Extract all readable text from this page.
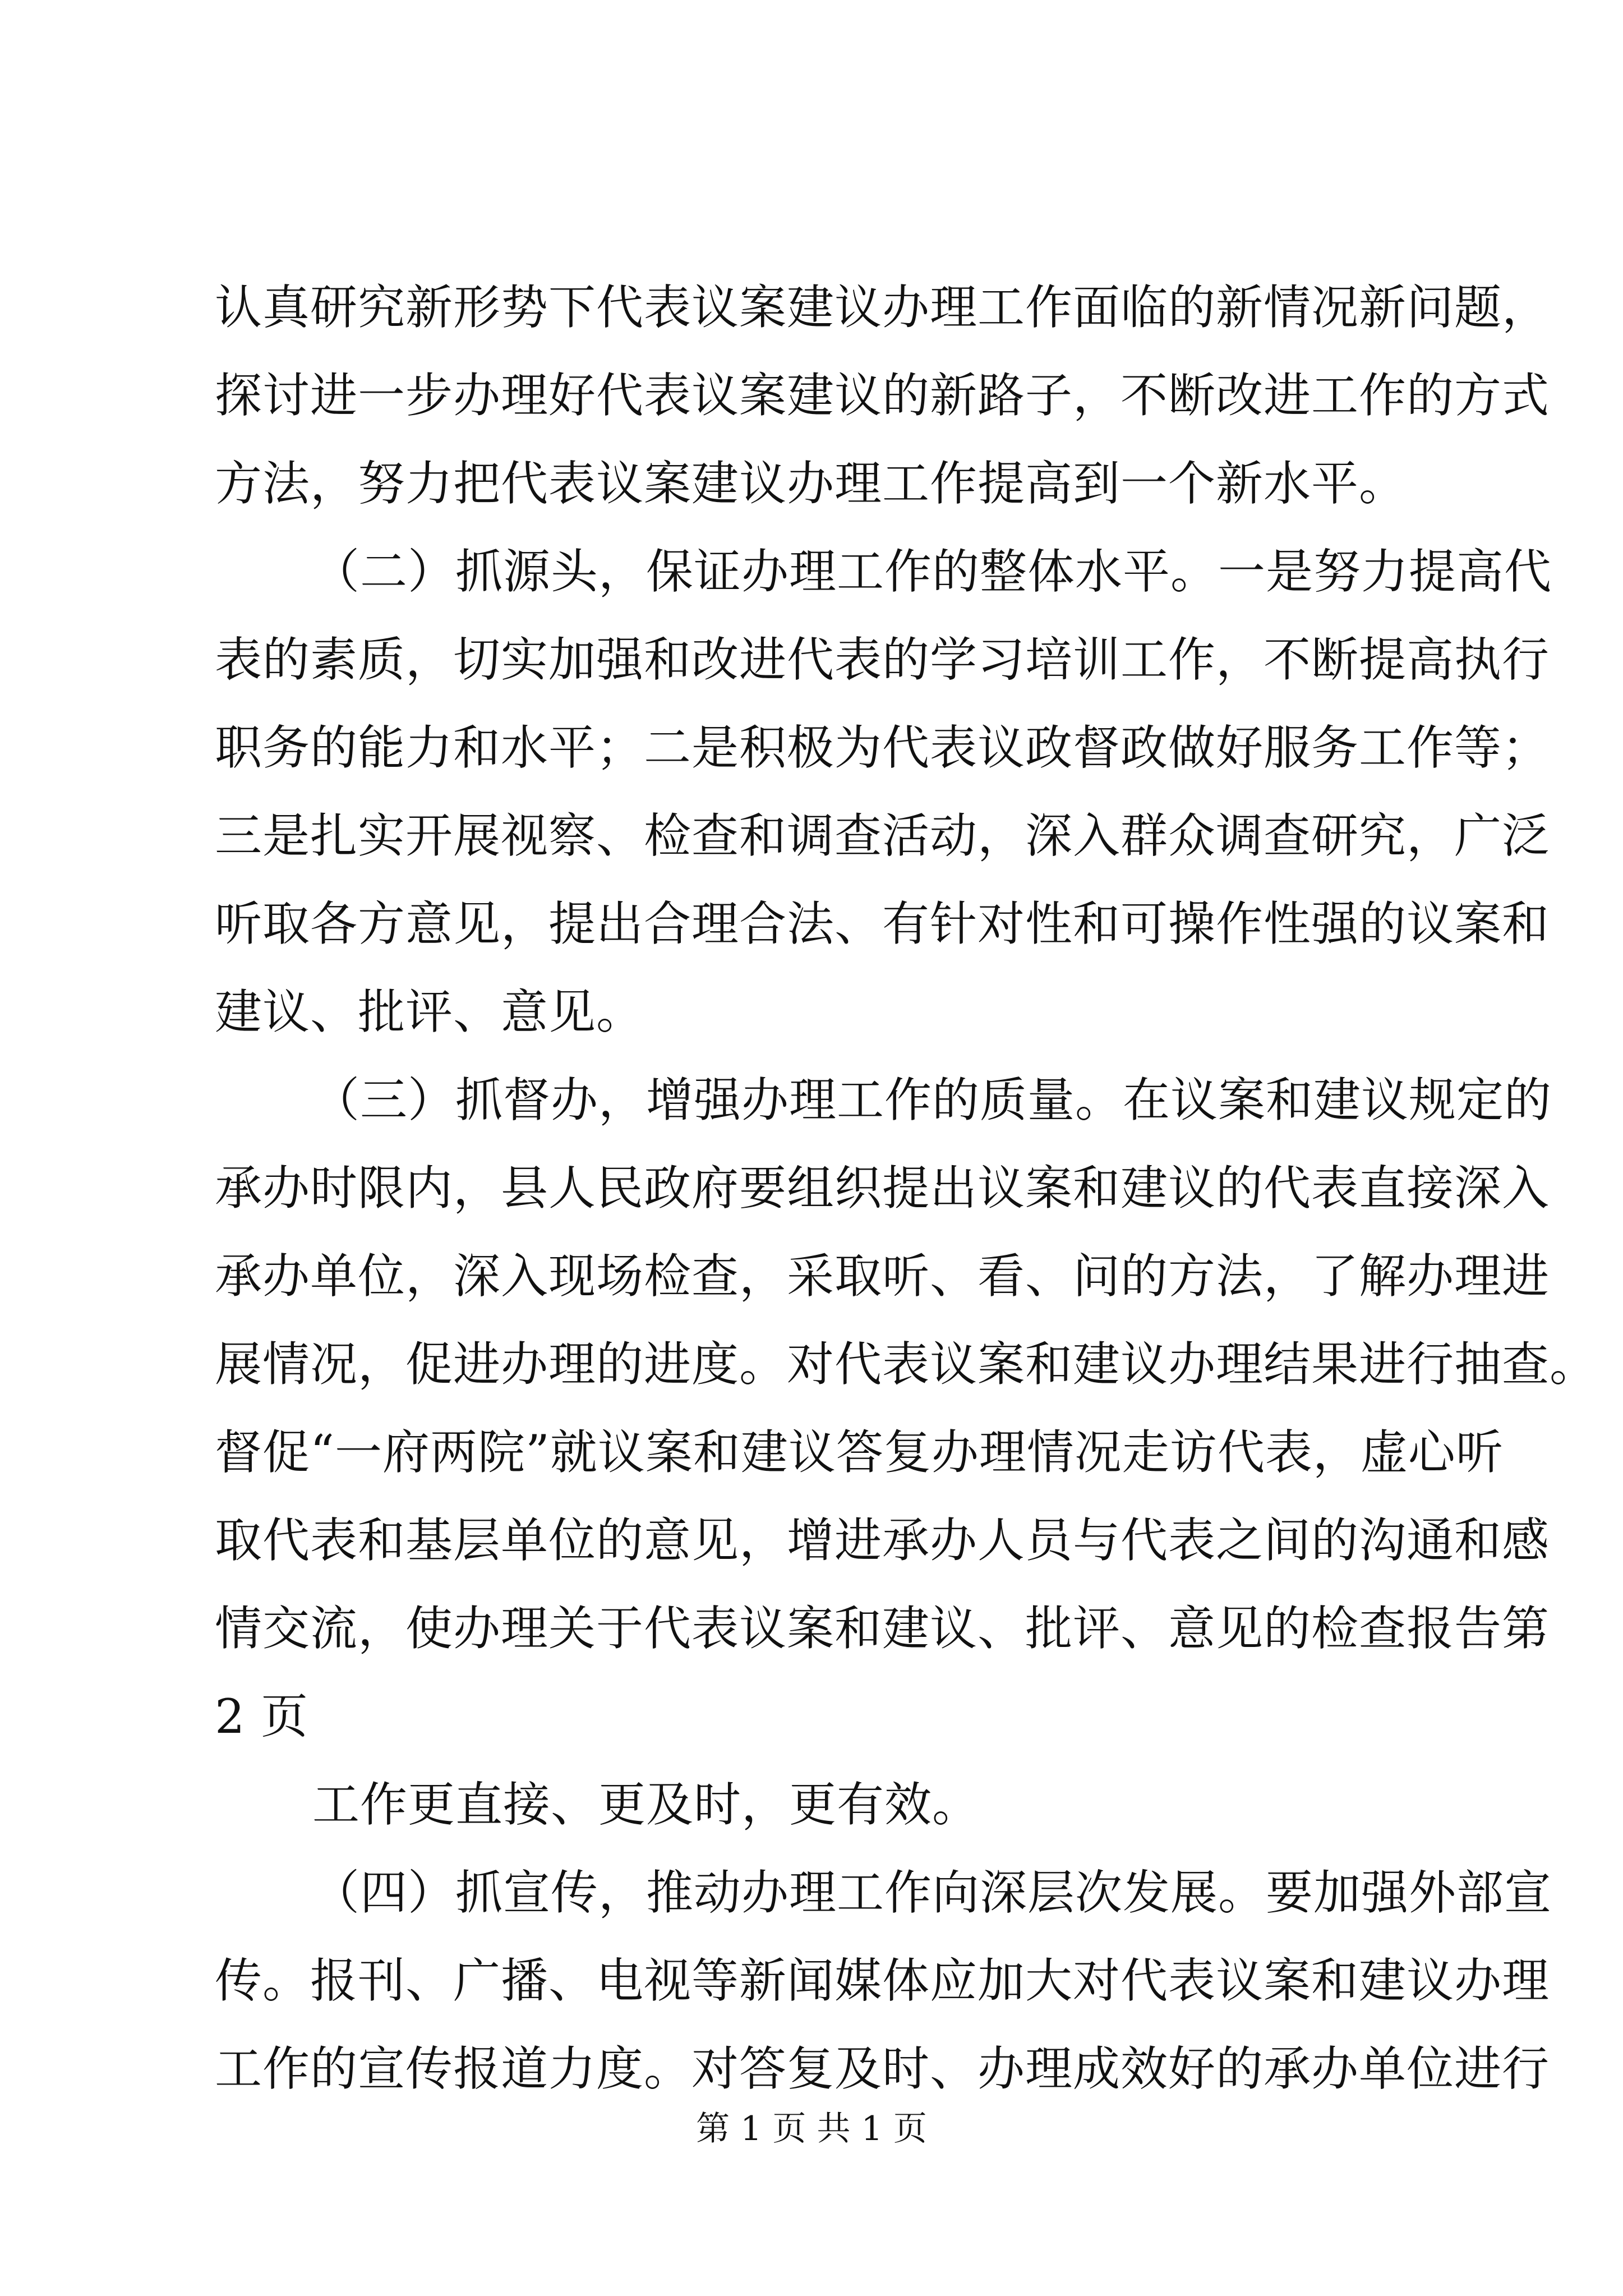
认真研究新形势下代表议案建议办理工作面临的新情况新问题，
探讨进一步办理好代表议案建议的新路子，不断改进工作的方式
方法，努力把代表议案建议办理工作提高到一个新水平。
（二）抓源头，保证办理工作的整体水平。一是努力提高代
表的素质，切实加强和改进代表的学习培训工作，不断提高执行
职务的能力和水平；二是积极为代表议政督政做好服务工作等；
三是扎实开展视察、检查和调查活动，深入群众调查研究，广泛
听取各方意见，提出合理合法、有针对性和可操作性强的议案和
建议、批评、意见。
（三）抓督办，增强办理工作的质量。在议案和建议规定的
承办时限内，县人民政府要组织提出议案和建议的代表直接深入
承办单位，深入现场检查，采取听、看、问的方法，了解办理进
展情况，促进办理的进度。对代表议案和建议办理结果进行抽查。
督促“一府两院”就议案和建议答复办理情况走访代表，虚心听
取代表和基层单位的意见，增进承办人员与代表之间的沟通和感
情交流，使办理关于代表议案和建议、批评、意见的检查报告第
2 页
工作更直接、更及时，更有效。
（四）抓宣传，推动办理工作向深层次发展。要加强外部宣
传。报刊、广播、电视等新闻媒体应加大对代表议案和建议办理
工作的宣传报道力度。对答复及时、办理成效好的承办单位进行
第 1 页 共 1 页
